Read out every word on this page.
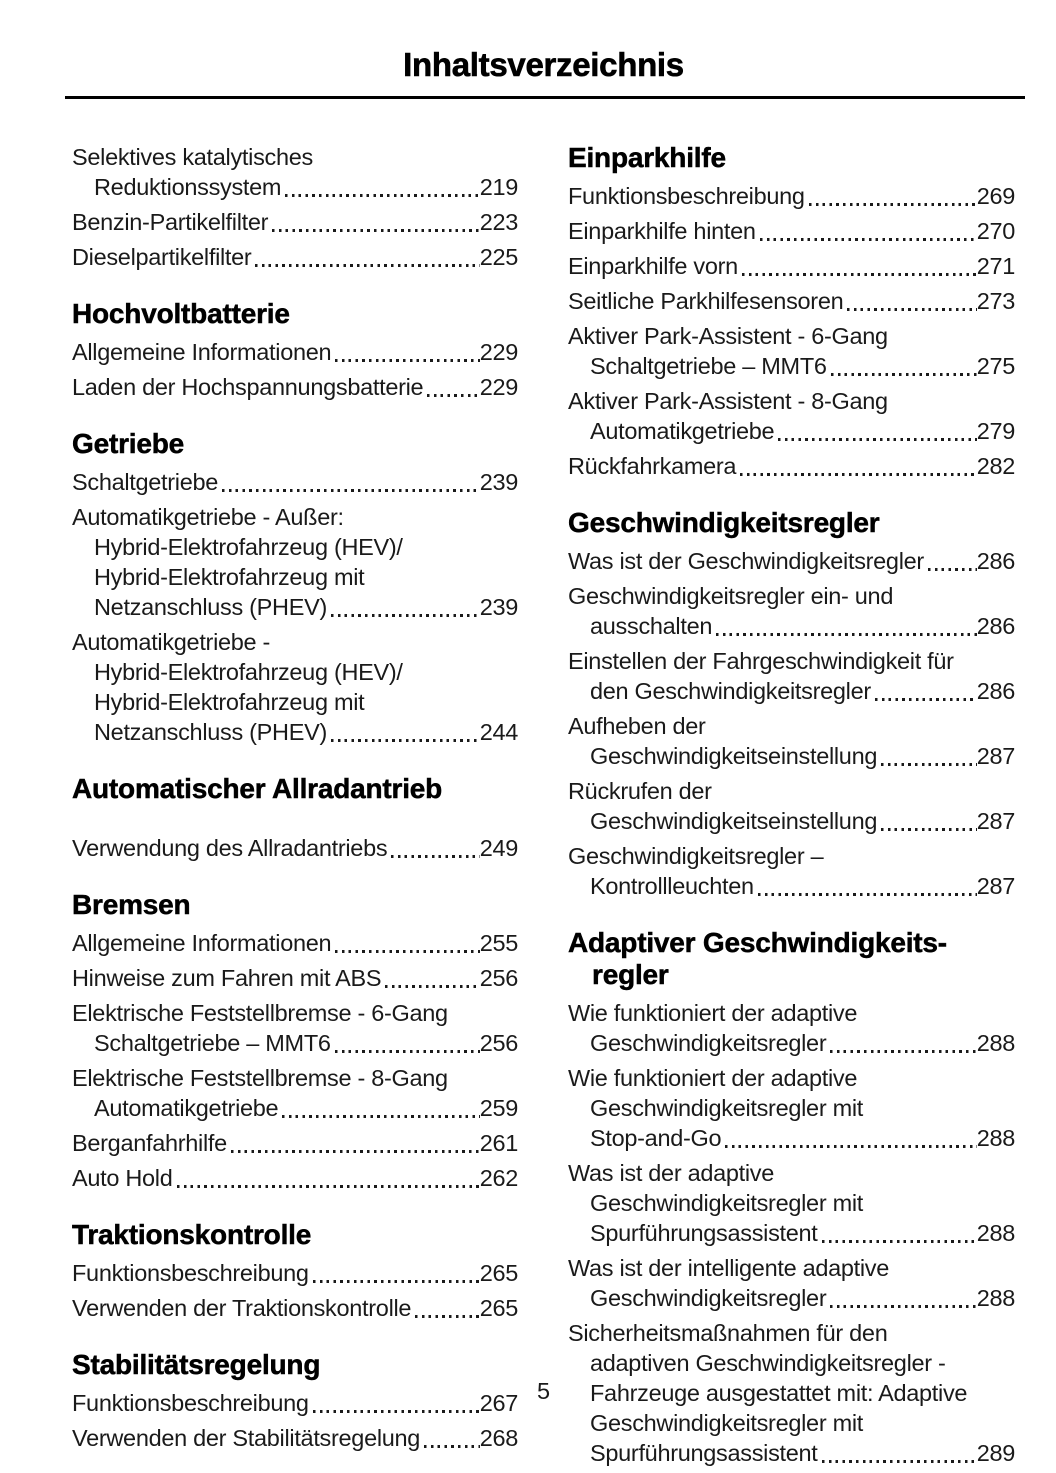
Inhaltsverzeichnis
Selektives katalytisches
Reduktionssystem	219
Benzin-Partikelfilter	223
Dieselpartikelfilter	225
Hochvoltbatterie
Allgemeine Informationen	229
Laden der Hochspannungsbatterie 229
Getriebe
Schaltgetriebe	239
Automatikgetriebe - Außer:
Hybrid-Elektrofahrzeug (HEV)/
Hybrid-Elektrofahrzeug mit
Netzanschluss (PHEV)	239
Automatikgetriebe -
Hybrid-Elektrofahrzeug (HEV)/
Hybrid-Elektrofahrzeug mit
Netzanschluss (PHEV)	244
Automatischer Allradantrieb
Verwendung des Allradantriebs	249
Bremsen
Allgemeine Informationen	255
Hinweise zum Fahren mit ABS	256
Elektrische Feststellbremse - 6-Gang
Schaltgetriebe – MMT6	256
Elektrische Feststellbremse - 8-Gang
Automatikgetriebe	259
Berganfahrhilfe	261
Auto Hold	262
Traktionskontrolle
Funktionsbeschreibung	265
Verwenden der Traktionskontrolle	265
Stabilitätsregelung
Funktionsbeschreibung	267
Verwenden der Stabilitätsregelung	268
Einparkhilfe
Funktionsbeschreibung	269
Einparkhilfe hinten	270
Einparkhilfe vorn	271
Seitliche Parkhilfesensoren	273
Aktiver Park-Assistent - 6-Gang
Schaltgetriebe – MMT6	275
Aktiver Park-Assistent - 8-Gang
Automatikgetriebe	279
Rückfahrkamera	282
Geschwindigkeitsregler
Was ist der Geschwindigkeitsregler 286
Geschwindigkeitsregler ein- und
ausschalten	286
Einstellen der Fahrgeschwindigkeit für
den Geschwindigkeitsregler	286
Aufheben der
Geschwindigkeitseinstellung	287
Rückrufen der
Geschwindigkeitseinstellung	287
Geschwindigkeitsregler –
Kontrollleuchten	287
Adaptiver Geschwindigkeits-
regler
Wie funktioniert der adaptive
Geschwindigkeitsregler	288
Wie funktioniert der adaptive
Geschwindigkeitsregler mit
Stop-and-Go	288
Was ist der adaptive
Geschwindigkeitsregler mit
Spurführungsassistent	288
Was ist der intelligente adaptive
Geschwindigkeitsregler	288
Sicherheitsmaßnahmen für den
adaptiven Geschwindigkeitsregler -
Fahrzeuge ausgestattet mit: Adaptive
Geschwindigkeitsregler mit
Spurführungsassistent	289
5
